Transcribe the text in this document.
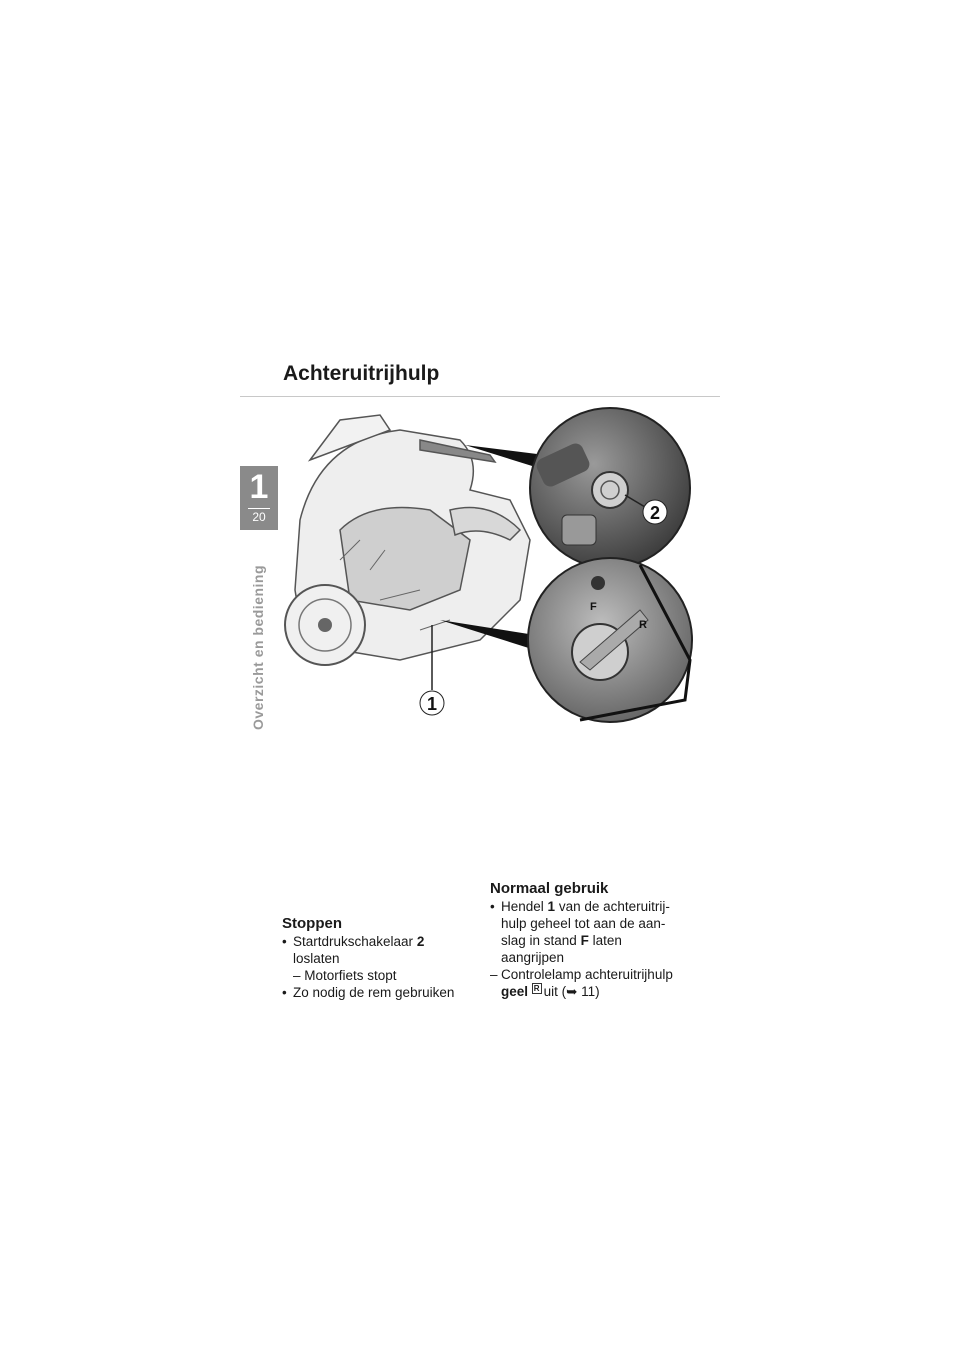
Achteruitrijhulp
1
20
Overzicht en bediening
2
F
R
1
Stoppen
• Startdrukschakelaar 2
loslaten
– Motorfiets stopt
• Zo nodig de rem gebruiken
Normaal gebruik
• Hendel 1 van de achteruitrij-
hulp geheel tot aan de aan-
slag in stand F laten
aangrijpen
– Controlelamp achteruitrijhulp
geel R uit (➥ 11)
